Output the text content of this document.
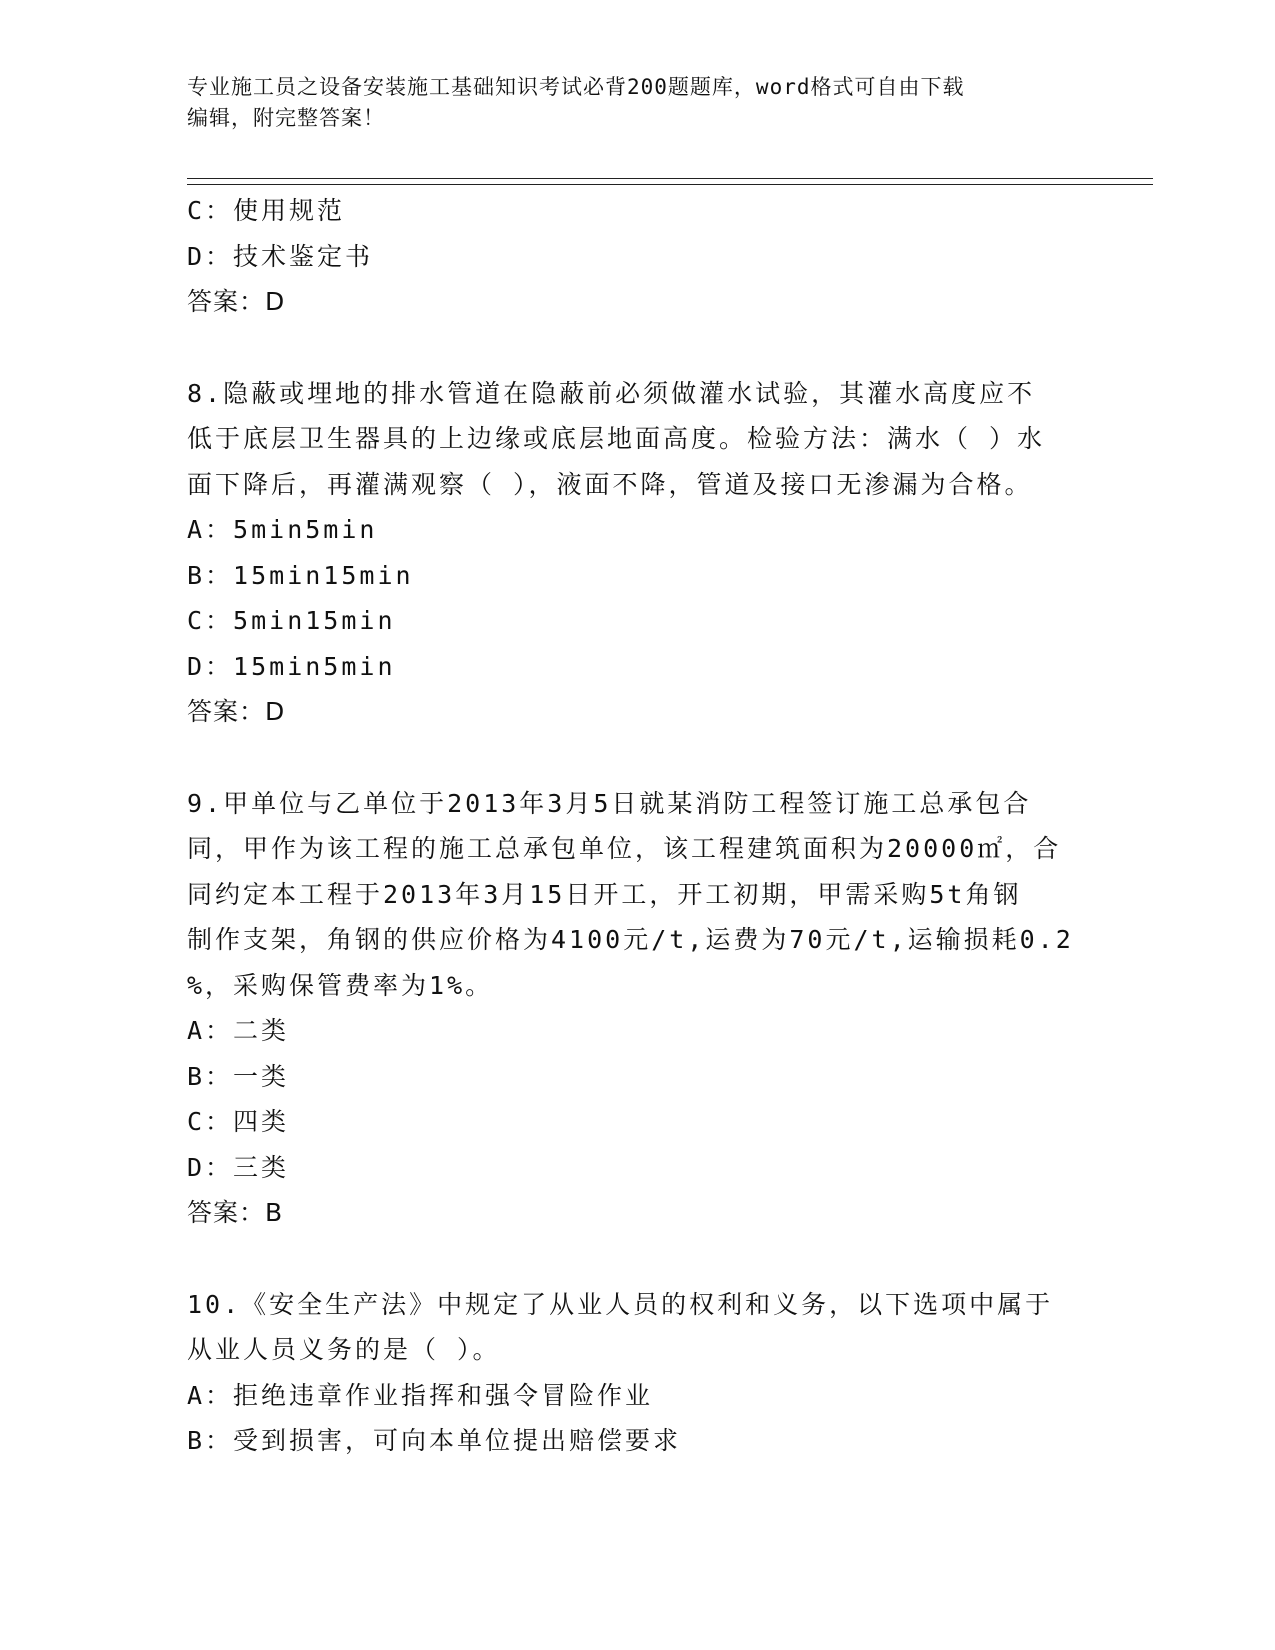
专业施工员之设备安装施工基础知识考试必背200题题库，word格式可自由下载
编辑，附完整答案！
C：使用规范
D：技术鉴定书
答案：D
8.隐蔽或埋地的排水管道在隐蔽前必须做灌水试验，其灌水高度应不
低于底层卫生器具的上边缘或底层地面高度。检验方法：满水（ ）水
面下降后，再灌满观察（ ），液面不降，管道及接口无渗漏为合格。
A：5min5min
B：15min15min
C：5min15min
D：15min5min
答案：D
9.甲单位与乙单位于2013年3月5日就某消防工程签订施工总承包合
同，甲作为该工程的施工总承包单位，该工程建筑面积为20000㎡，合
同约定本工程于2013年3月15日开工，开工初期，甲需采购5t角钢
制作支架，角钢的供应价格为4100元/t,运费为70元/t,运输损耗0.2
%，采购保管费率为1%。
A：二类
B：一类
C：四类
D：三类
答案：B
10.《安全生产法》中规定了从业人员的权利和义务，以下选项中属于
从业人员义务的是（ ）。
A：拒绝违章作业指挥和强令冒险作业
B：受到损害，可向本单位提出赔偿要求
